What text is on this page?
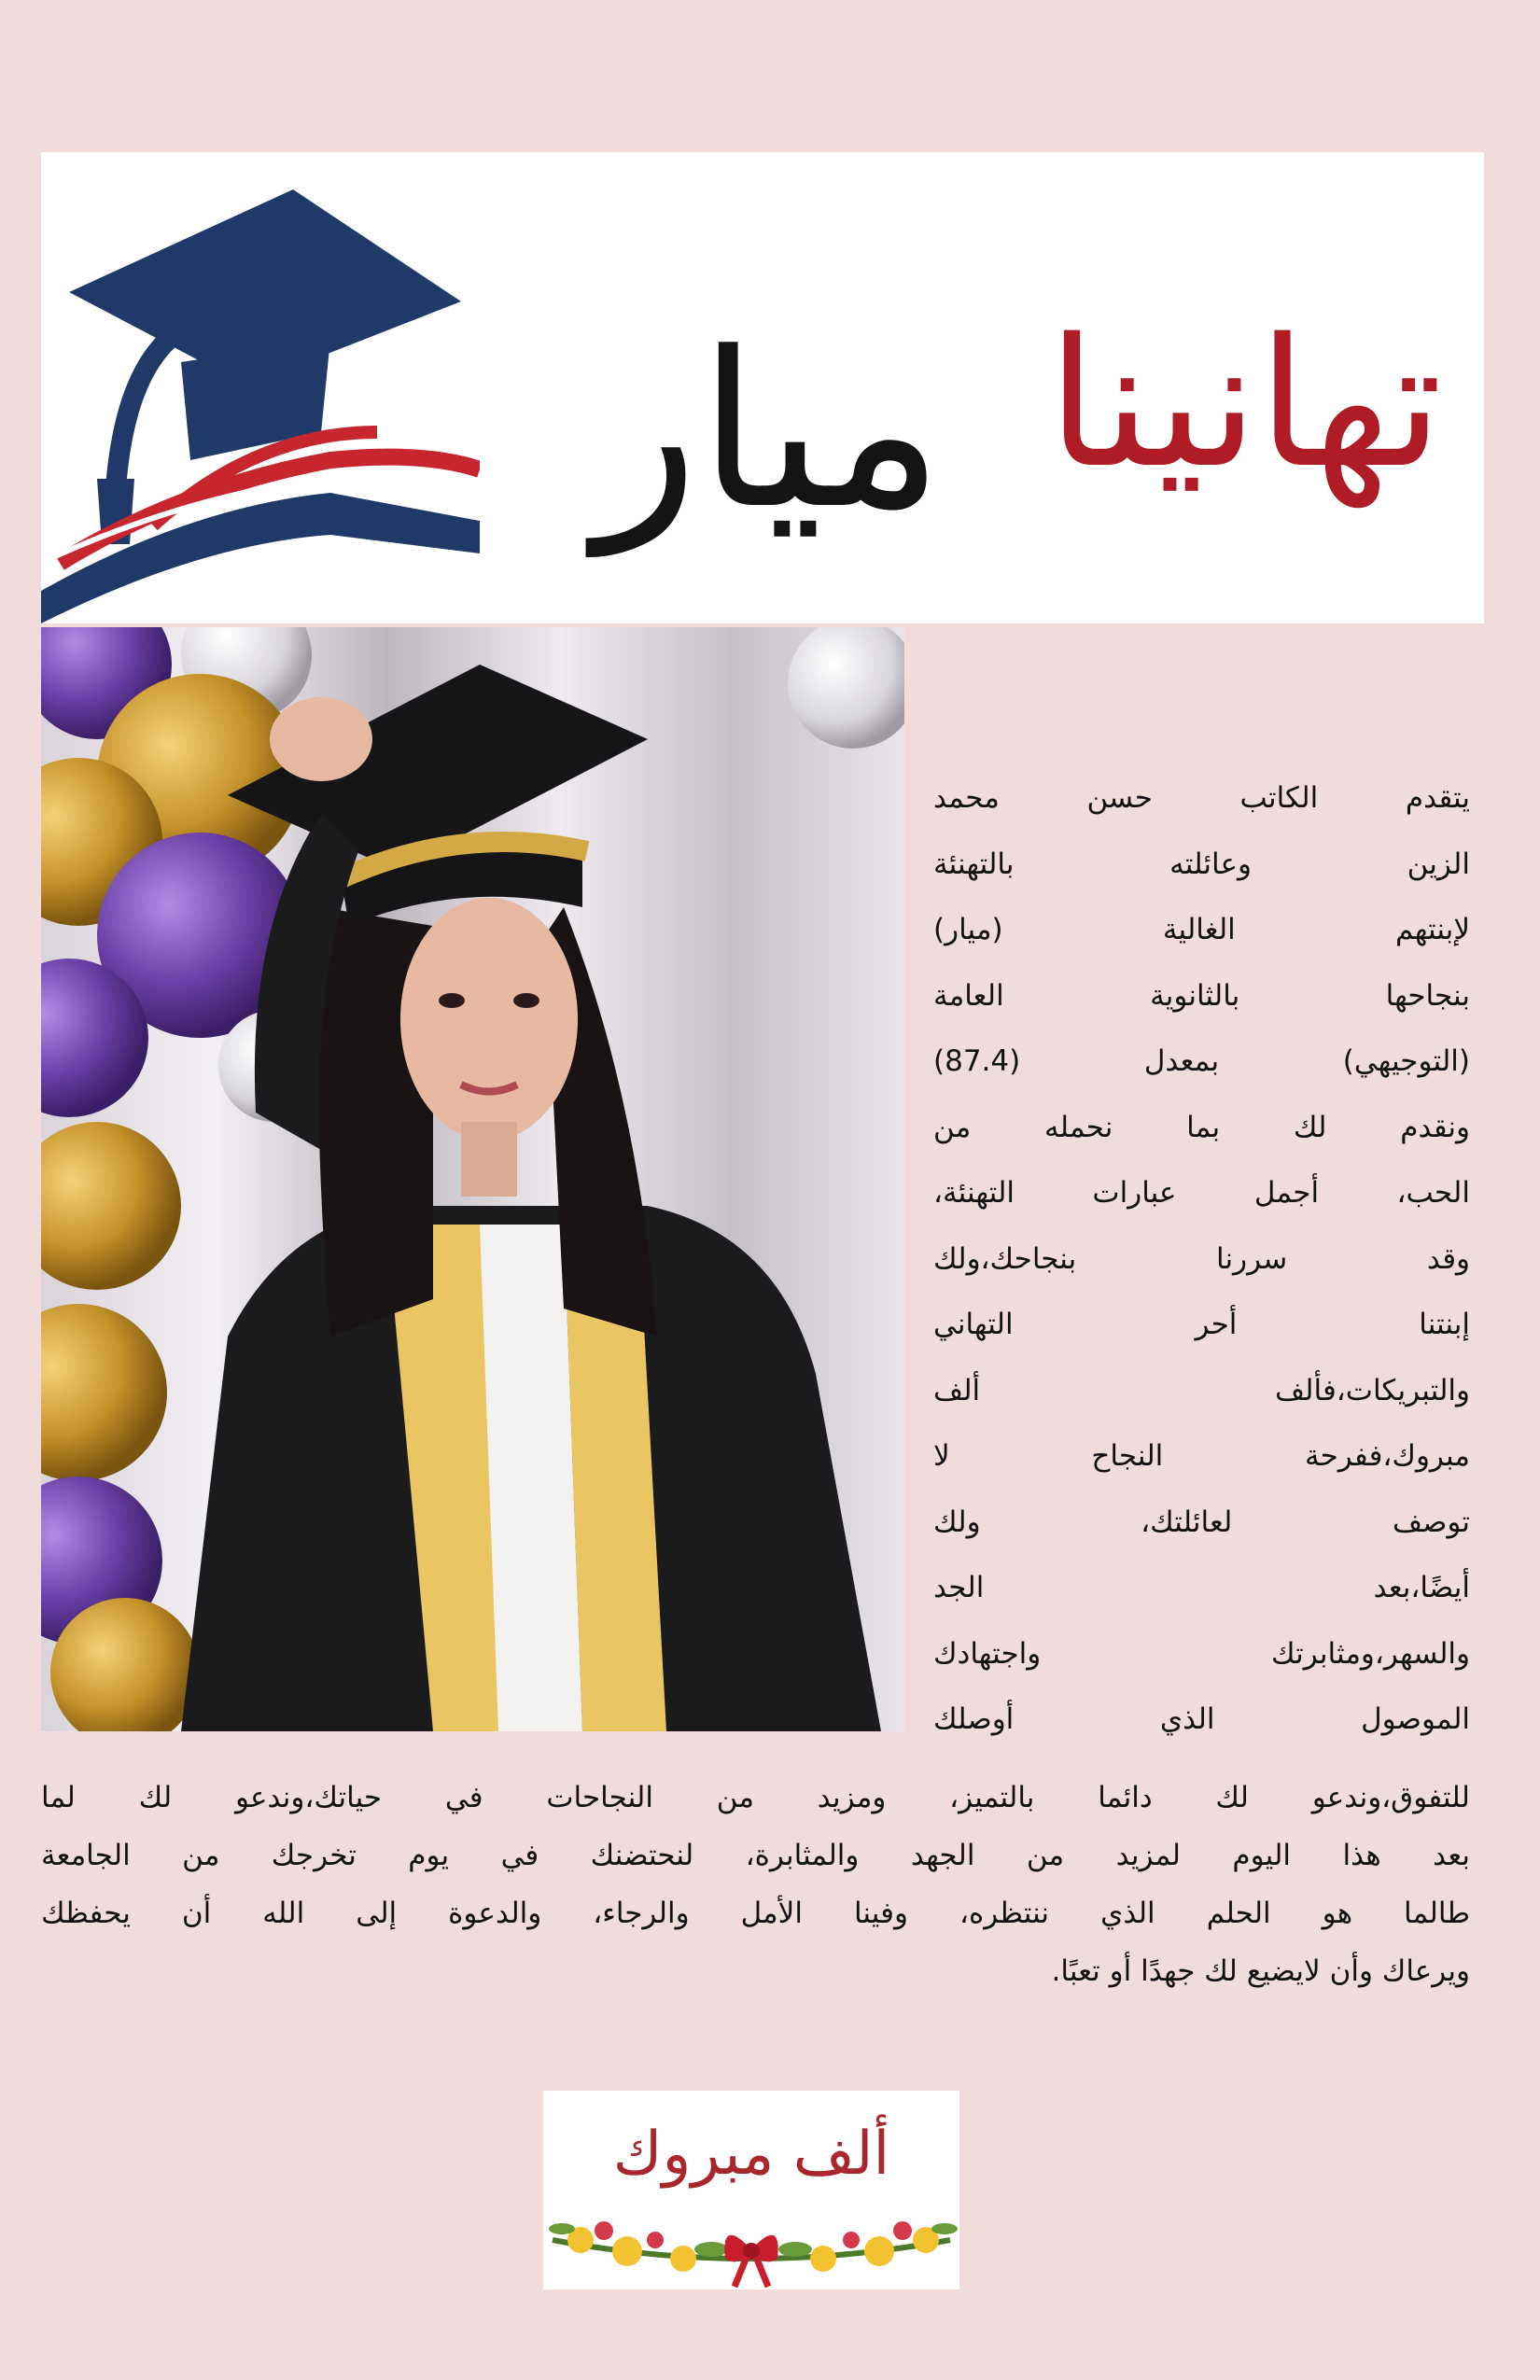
ميار تهانينا
يتقدم الكاتب حسن محمد
الزين وعائلته بالتهنئة
لإبنتهم الغالية (ميار)
بنجاحها بالثانوية العامة
(التوجيهي) بمعدل (87.4)
ونقدم لك بما نحمله من
الحب، أجمل عبارات التهنئة،
وقد سررنا بنجاحك،ولك
إبنتنا أحر التهاني
والتبريكات،فألف ألف
مبروك،ففرحة النجاح لا
توصف لعائلتك، ولك
أيضًا،بعد الجد
والسهر،ومثابرتك واجتهادك
الموصول الذي أوصلك
للتفوق،وندعو لك دائما بالتميز، ومزيد من النجاحات في حياتك،وندعو لك لما
بعد هذا اليوم لمزيد من الجهد والمثابرة، لنحتضنك في يوم تخرجك من الجامعة
طالما هو الحلم الذي ننتظره، وفينا الأمل والرجاء، والدعوة إلى الله أن يحفظك
ويرعاك وأن لايضيع لك جهدًا أو تعبًا.
ألف مبروك
